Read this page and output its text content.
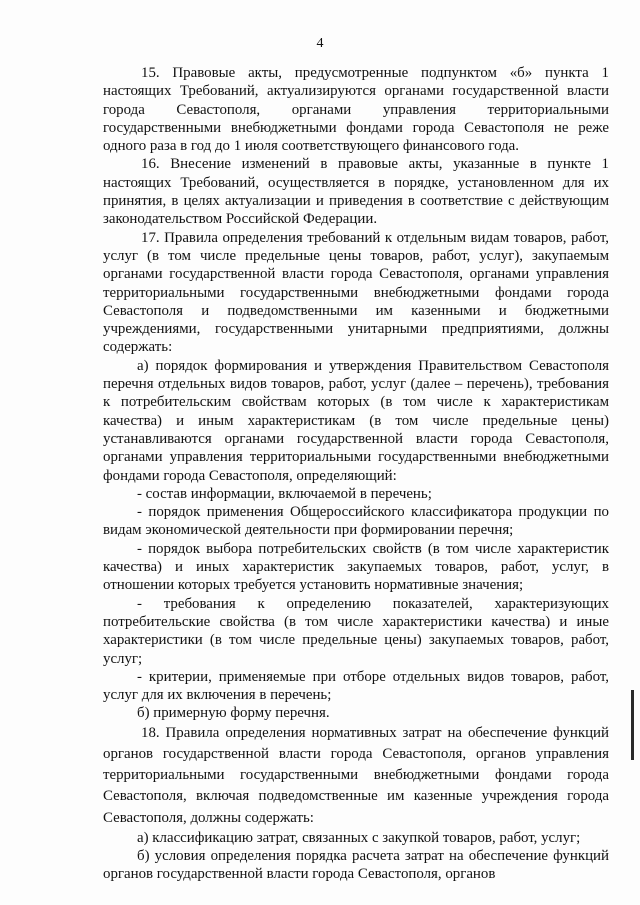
4

15. Правовые акты, предусмотренные подпунктом «б» пункта 1 настоящих Требований, актуализируются органами государственной власти города Севастополя, органами управления территориальными государственными внебюджетными фондами города Севастополя не реже одного раза в год до 1 июля соответствующего финансового года.

16. Внесение изменений в правовые акты, указанные в пункте 1 настоящих Требований, осуществляется в порядке, установленном для их принятия, в целях актуализации и приведения в соответствие с действующим законодательством Российской Федерации.

17. Правила определения требований к отдельным видам товаров, работ, услуг (в том числе предельные цены товаров, работ, услуг), закупаемым органами государственной власти города Севастополя, органами управления территориальными государственными внебюджетными фондами города Севастополя и подведомственными им казенными и бюджетными учреждениями, государственными унитарными предприятиями, должны содержать:

а) порядок формирования и утверждения Правительством Севастополя перечня отдельных видов товаров, работ, услуг (далее – перечень), требования к потребительским свойствам которых (в том числе к характеристикам качества) и иным характеристикам (в том числе предельные цены) устанавливаются органами государственной власти города Севастополя, органами управления территориальными государственными внебюджетными фондами города Севастополя, определяющий:

- состав информации, включаемой в перечень;

- порядок применения Общероссийского классификатора продукции по видам экономической деятельности при формировании перечня;

- порядок выбора потребительских свойств (в том числе характеристик качества) и иных характеристик закупаемых товаров, работ, услуг, в отношении которых требуется установить нормативные значения;

- требования к определению показателей, характеризующих потребительские свойства (в том числе характеристики качества) и иные характеристики (в том числе предельные цены) закупаемых товаров, работ, услуг;

- критерии, применяемые при отборе отдельных видов товаров, работ, услуг для их включения в перечень;

б) примерную форму перечня.

18. Правила определения нормативных затрат на обеспечение функций органов государственной власти города Севастополя, органов управления территориальными государственными внебюджетными фондами города Севастополя, включая подведомственные им казенные учреждения города Севастополя, должны содержать:

а) классификацию затрат, связанных с закупкой товаров, работ, услуг;

б) условия определения порядка расчета затрат на обеспечение функций органов государственной власти города Севастополя, органов
